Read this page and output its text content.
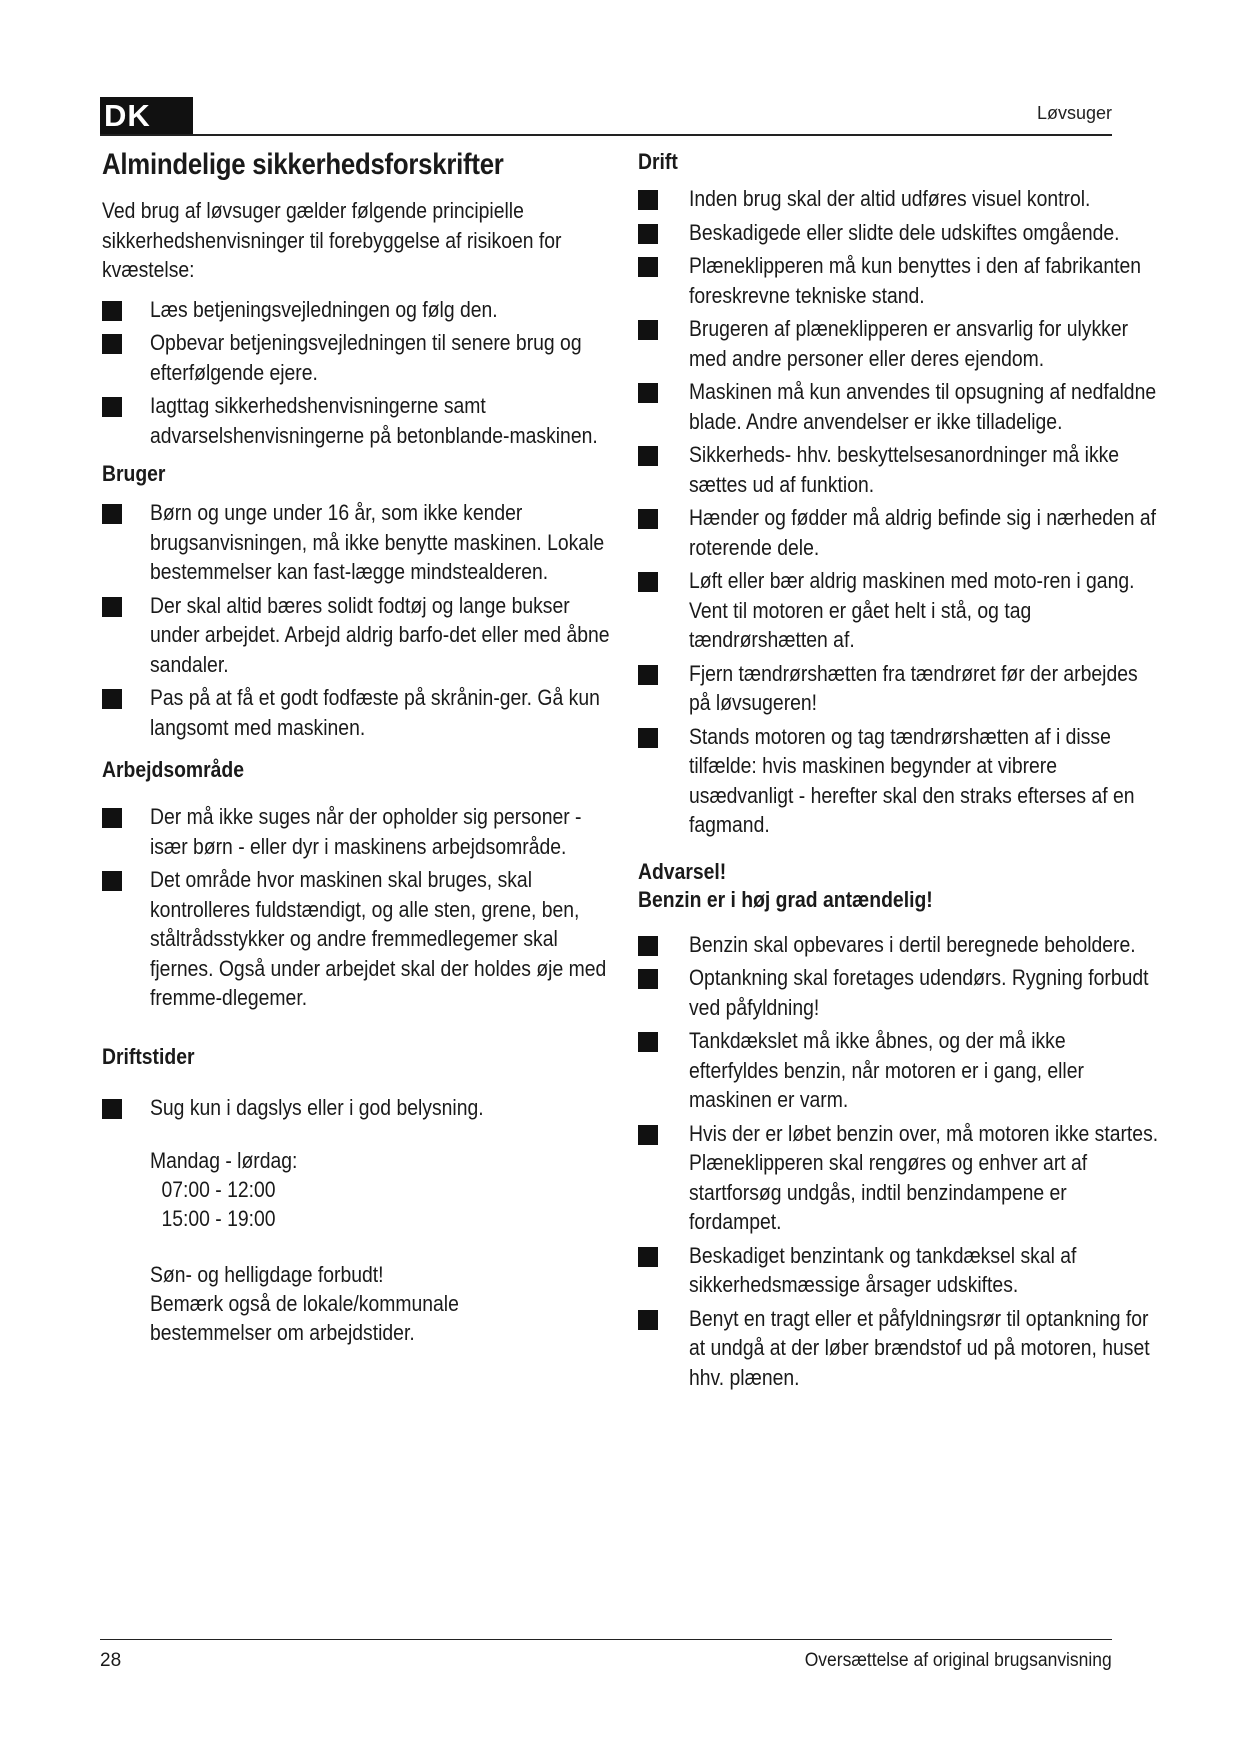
DK	Løvsuger
Almindelige sikkerhedsforskrifter

Ved brug af løvsuger gælder følgende principielle sikkerhedshenvisninger til forebyggelse af risikoen for kvæstelse:

Læs betjeningsvejledningen og følg den.
Opbevar betjeningsvejledningen til senere brug og efterfølgende ejere.
Iagttag sikkerhedshenvisningerne samt advarselshenvisningerne på betonblande-maskinen.
Bruger
Børn og unge under 16 år, som ikke kender brugsanvisningen, må ikke benytte maskinen. Lokale bestemmelser kan fast-lægge mindstealderen.
Der skal altid bæres solidt fodtøj og lange bukser under arbejdet. Arbejd aldrig barfo-det eller med åbne sandaler.
Pas på at få et godt fodfæste på skrånin-ger. Gå kun langsomt med maskinen.
Arbejdsområde
Der må ikke suges når der opholder sig personer - især børn - eller dyr i maskinens arbejdsområde.
Det område hvor maskinen skal bruges, skal kontrolleres fuldstændigt, og alle sten, grene, ben, ståltrådsstykker og andre fremmedlegemer skal fjernes. Også under arbejdet skal der holdes øje med fremme-dlegemer.
Driftstider
Sug kun i dagslys eller i god belysning.
Mandag - lørdag:
07:00 - 12:00
15:00 - 19:00
Søn- og helligdage forbudt!
Bemærk også de lokale/kommunale
bestemmelser om arbejdstider.
Drift
Inden brug skal der altid udføres visuel kontrol.
Beskadigede eller slidte dele udskiftes omgående.
Plæneklipperen må kun benyttes i den af fabrikanten foreskrevne tekniske stand.
Brugeren af plæneklipperen er ansvarlig for ulykker med andre personer eller deres ejendom.
Maskinen må kun anvendes til opsugning af nedfaldne blade. Andre anvendelser er ikke tilladelige.
Sikkerheds- hhv. beskyttelsesanordninger må ikke sættes ud af funktion.
Hænder og fødder må aldrig befinde sig i nærheden af roterende dele.
Løft eller bær aldrig maskinen med moto-ren i gang. Vent til motoren er gået helt i stå, og tag tændrørshætten af.
Fjern tændrørshætten fra tændrøret før der arbejdes på løvsugeren!
Stands motoren og tag tændrørshætten af i disse tilfælde: hvis maskinen begynder at vibrere usædvanligt - herefter skal den straks efterses af en fagmand.
Advarsel!
Benzin er i høj grad antændelig!
Benzin skal opbevares i dertil beregnede beholdere.
Optankning skal foretages udendørs. Rygning forbudt ved påfyldning!
Tankdækslet må ikke åbnes, og der må ikke efterfyldes benzin, når motoren er i gang, eller maskinen er varm.
Hvis der er løbet benzin over, må motoren ikke startes. Plæneklipperen skal rengøres og enhver art af startforsøg undgås, indtil benzindampene er fordampet.
Beskadiget benzintank og tankdæksel skal af sikkerhedsmæssige årsager udskiftes.
Benyt en tragt eller et påfyldningsrør til optankning for at undgå at der løber brændstof ud på motoren, huset hhv. plænen.
28	Oversættelse af original brugsanvisning
